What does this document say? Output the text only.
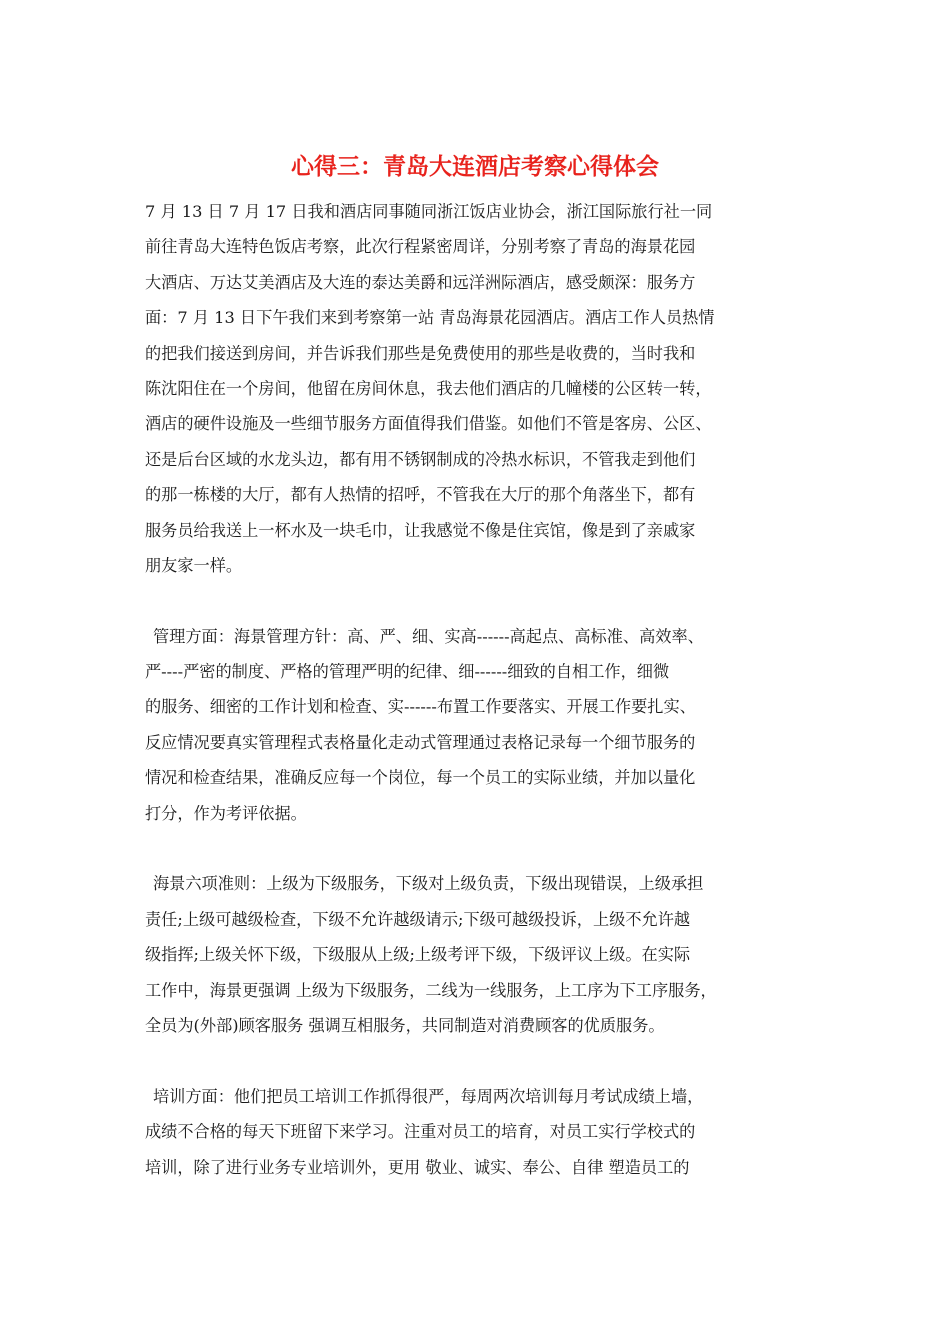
心得三：青岛大连酒店考察心得体会
7 月 13 日 7 月 17 日我和酒店同事随同浙江饭店业协会，浙江国际旅行社一同
前往青岛大连特色饭店考察，此次行程紧密周详，分别考察了青岛的海景花园
大酒店、万达艾美酒店及大连的泰达美爵和远洋洲际酒店，感受颇深：服务方
面：7 月 13 日下午我们来到考察第一站 青岛海景花园酒店。酒店工作人员热情
的把我们接送到房间，并告诉我们那些是免费使用的那些是收费的，当时我和
陈沈阳住在一个房间，他留在房间休息，我去他们酒店的几幢楼的公区转一转，
酒店的硬件设施及一些细节服务方面值得我们借鉴。如他们不管是客房、公区、
还是后台区域的水龙头边，都有用不锈钢制成的冷热水标识，不管我走到他们
的那一栋楼的大厅，都有人热情的招呼，不管我在大厅的那个角落坐下，都有
服务员给我送上一杯水及一块毛巾，让我感觉不像是住宾馆，像是到了亲戚家
朋友家一样。
管理方面：海景管理方针：高、严、细、实高------高起点、高标准、高效率、
严----严密的制度、严格的管理严明的纪律、细------细致的自相工作，细微
的服务、细密的工作计划和检查、实------布置工作要落实、开展工作要扎实、
反应情况要真实管理程式表格量化走动式管理通过表格记录每一个细节服务的
情况和检查结果，准确反应每一个岗位，每一个员工的实际业绩，并加以量化
打分，作为考评依据。
海景六项准则：上级为下级服务，下级对上级负责，下级出现错误，上级承担
责任;上级可越级检查，下级不允许越级请示;下级可越级投诉，上级不允许越
级指挥;上级关怀下级，下级服从上级;上级考评下级，下级评议上级。在实际
工作中，海景更强调 上级为下级服务，二线为一线服务，上工序为下工序服务，
全员为(外部)顾客服务 强调互相服务，共同制造对消费顾客的优质服务。
培训方面：他们把员工培训工作抓得很严，每周两次培训每月考试成绩上墙，
成绩不合格的每天下班留下来学习。注重对员工的培育，对员工实行学校式的
培训，除了进行业务专业培训外，更用 敬业、诚实、奉公、自律 塑造员工的
